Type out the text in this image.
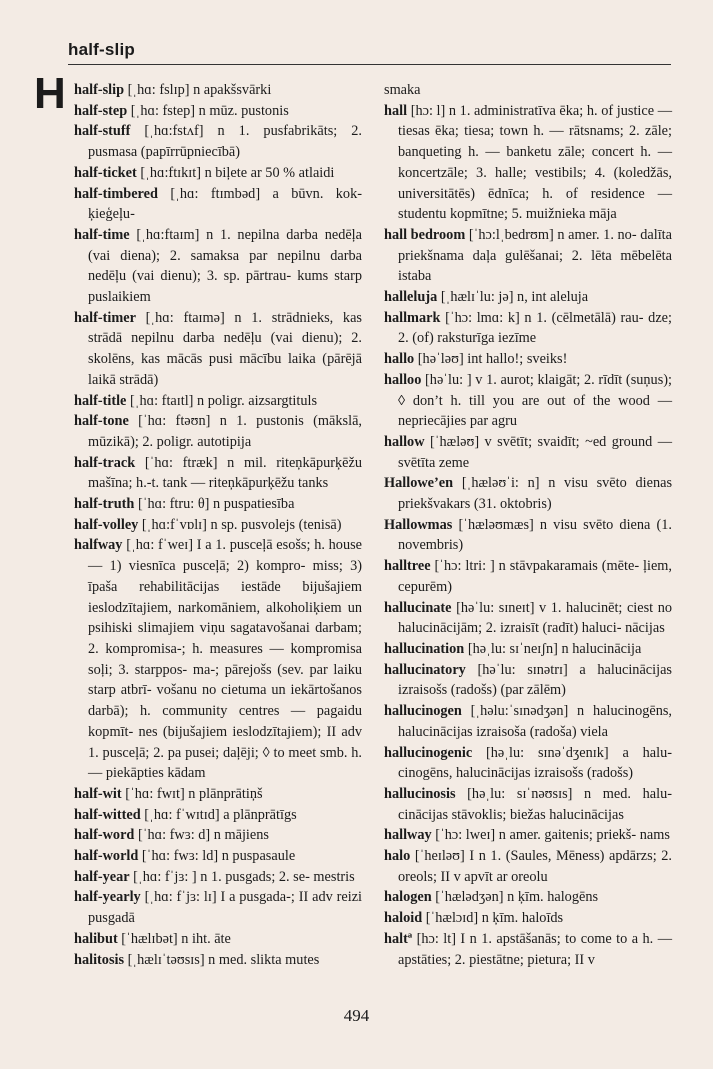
half-slip
H half-slip [ˌhɑ: fslɪp] n apakšsvārki

half-step [ˌhɑ: fstep] n mūz. pustonis

half-stuff [ˌhɑ:fstʌf] n 1. pusfabrikāts; 2. pusmasa (papīrrūpniecībā)

half-ticket [ˌhɑ:ftɪkɪt] n biļete ar 50 % atlaidi

half-timbered [ˌhɑ: ftɪmbəd] a būvn. kok- ķieģeļu-

half-time [ˌhɑ:ftaɪm] n 1. nepilna darba nedēļa (vai diena); 2. samaksa par nepilnu darba nedēļu (vai dienu); 3. sp. pārtrau- kums starp puslaikiem

half-timer [ˌhɑ: ftaɪmə] n 1. strādnieks, kas strādā nepilnu darba nedēļu (vai dienu); 2. skolēns, kas mācās pusi mācību laika (pārējā laikā strādā)

half-title [ˌhɑ: ftaɪtl] n poligr. aizsargtituls

half-tone [ˈhɑ: ftəʊn] n 1. pustonis (mākslā, mūzikā); 2. poligr. autotipija

half-track [ˈhɑ: ftræk] n mil. riteņkāpurķēžu mašīna; h.-t. tank — riteņkāpurķēžu tanks

half-truth [ˈhɑ: ftru: θ] n puspatiesība

half-volley [ˌhɑ:fˈvɒlɪ] n sp. pusvolejs (tenisā)

halfway [ˌhɑ: fˈweɪ] I a 1. pusceļā esošs; h. house — 1) viesnīca pusceļā; 2) kompro- miss; 3) īpaša rehabilitācijas iestāde bijušajiem ieslodzītajiem, narkomāniem, alkoholiķiem un psihiski slimajiem viņu sagatavošanai darbam; 2. kompromisa-; h. measures — kompromisa soļi; 3. starppos- ma-; pārejošs (sev. par laiku starp atbrī- vošanu no cietuma un iekārtošanos darbā); h. community centres — pagaidu kopmīt- nes (bijušajiem ieslodzītajiem); II adv 1. pusceļā; 2. pa pusei; daļēji; ◊ to meet smb. h. — piekāpties kādam

half-wit [ˈhɑ: fwɪt] n plānprātiņš

half-witted [ˌhɑ: fˈwɪtɪd] a plānprātīgs

half-word [ˈhɑ: fwɜ: d] n mājiens

half-world [ˈhɑ: fwɜ: ld] n puspasaule

half-year [ˌhɑ: fˈjɜ: ] n 1. pusgads; 2. se- mestris

half-yearly [ˌhɑ: fˈjɜ: lɪ] I a pusgada-; II adv reizi pusgadā

halibut [ˈhælɪbət] n iht. āte

halitosis [ˌhælɪˈtəʊsɪs] n med. slikta mutes

smaka

hall [hɔ: l] n 1. administratīva ēka; h. of justice — tiesas ēka; tiesa; town h. — rātsnams; 2. zāle; banqueting h. — banketu zāle; concert h. — koncertzāle; 3. halle; vestibils; 4. (koledžās, universitātēs) ēdnīca; h. of residence — studentu kopmītne; 5. muižnieka māja

hall bedroom [ˈhɔ:lˌbedrʊm] n amer. 1. no- dalīta priekšnama daļa gulēšanai; 2. lēta mēbelēta istaba

halleluja [ˌhælɪˈlu: jə] n, int aleluja

hallmark [ˈhɔ: lmɑ: k] n 1. (cēlmetālā) rau- dze; 2. (of) raksturīga iezīme

hallo [həˈləʊ] int hallo!; sveiks!

halloo [həˈlu: ] v 1. aurot; klaigāt; 2. rīdīt (suņus); ◊ don’t h. till you are out of the wood — nepriecājies par agru

hallow [ˈhæləʊ] v svētīt; svaidīt; ~ed ground — svētīta zeme

Hallowe’en [ˌhæləʊˈi: n] n visu svēto dienas priekšvakars (31. oktobris)

Hallowmas [ˈhæləʊmæs] n visu svēto diena (1. novembris)

halltree [ˈhɔ: ltri: ] n stāvpakaramais (mēte- ļiem, cepurēm)

hallucinate [həˈlu: sɪneɪt] v 1. halucinēt; ciest no halucinācijām; 2. izraisīt (radīt) haluci- nācijas

hallucination [həˌlu: sɪˈneɪʃn] n halucinācija

hallucinatory [həˈlu: sɪnətrɪ] a halucinācijas izraisošs (radošs) (par zālēm)

hallucinogen [ˌhəlu:ˈsɪnədʒən] n halucinogēns, halucinācijas izraisoša (radoša) viela

hallucinogenic [həˌlu: sɪnəˈdʒenɪk] a halu- cinogēns, halucinācijas izraisošs (radošs)

hallucinosis [həˌlu: sɪˈnəʊsɪs] n med. halu- cinācijas stāvoklis; biežas halucinācijas

hallway [ˈhɔ: lweɪ] n amer. gaitenis; priekš- nams

halo [ˈheɪləʊ] I n 1. (Saules, Mēness) apdārzs; 2. oreols; II v apvīt ar oreolu

halogen [ˈhælədʒən] n ķīm. halogēns

haloid [ˈhælɔɪd] n ķīm. haloīds

haltª [hɔ: lt] I n 1. apstāšanās; to come to a h. — apstāties; 2. piestātne; pietura; II v

494
